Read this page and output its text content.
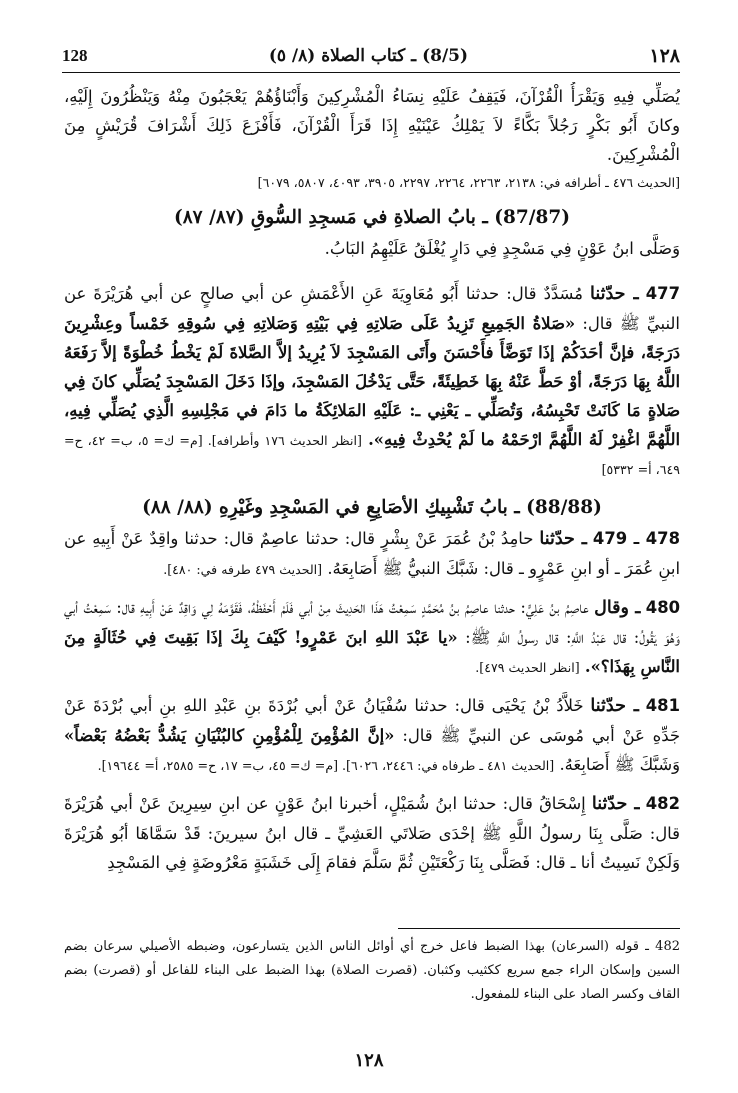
128	(8/5) ـ كتاب الصلاة (٨/ ٥)	١٢٨

يُصَلِّي فِيهِ وَيَقْرَأُ الْقُرْآنَ، فَيَقِفُ عَلَيْهِ نِسَاءُ الْمُشْرِكِينَ وَأَبْنَاؤُهُمْ يَعْجَبُونَ مِنْهُ وَيَنْظُرُونَ إِلَيْهِ، وكانَ أَبُو بَكْرٍ رَجُلاً بَكَّاءً لاَ يَمْلِكُ عَيْنَيْهِ إِذَا قَرَأَ الْقُرْآنَ، فَأَفْزَعَ ذَلِكَ أَشْرَافَ قُرَيْشٍ مِنَ الْمُشْرِكِينَ.

[الحديث ٤٧٦ ـ أطرافه في: ٢١٣٨، ٢٢٦٣، ٢٢٦٤، ٢٢٩٧، ٣٩٠٥، ٤٠٩٣، ٥٨٠٧، ٦٠٧٩]

(87/87) ـ بابُ الصلاةِ في مَسجِدِ السُّوقِ (٨٧/ ٨٧)

وَصَلَّى ابنُ عَوْنٍ فِي مَسْجِدٍ فِي دَارٍ يُغْلَقُ عَلَيْهِمُ البَابُ.

477 ـ حدّثنا مُسَدَّدٌ قال: حدثنا أَبُو مُعَاوِيَةَ عَنِ الأَعْمَشِ عن أبي صالحٍ عن أبي هُرَيْرَةَ عن النبيِّ ﷺ قال: «صَلاةُ الجَمِيعِ تَزِيدُ عَلَى صَلاتِهِ فِي بَيْتِهِ وَصَلاتِهِ فِي سُوقِهِ خَمْساً وعِشْرِينَ دَرَجَةً، فإنَّ أحَدَكُمْ إذَا تَوَضَّأَ فأَحْسَنَ وأَتَى المَسْجِدَ لاَ يُرِيدُ إلاَّ الصَّلاةَ لَمْ يَخْطُ خُطْوَةً إلاَّ رَفَعَهُ اللَّهُ بِهَا دَرَجَةً، أوْ حَطَّ عَنْهُ بِهَا خَطِيئَةً، حَتَّى يَدْخُلَ المَسْجِدَ، وإذَا دَخَلَ المَسْجِدَ يُصَلِّي كانَ فِي صَلاةٍ مَا كَانَتْ تَحْبِسُهُ، وَتُصَلِّي ـ يَعْنِي ـ: عَلَيْهِ المَلائِكَةُ ما دَامَ في مَجْلِسِهِ الَّذِي يُصَلِّي فِيهِ، اللَّهُمَّ اغْفِرْ لَهُ اللَّهُمَّ ارْحَمْهُ ما لَمْ يُحْدِثْ فِيهِ». [انظر الحديث ١٧٦ وأطرافه]. [م= ك= ٥، ب= ٤٢، ح= ٦٤٩، أ= ٥٣٣٢]

(88/88) ـ بابُ تَشْبِيكِ الأصَابِعِ في المَسْجِدِ وغَيْرِهِ (٨٨/ ٨٨)

478 ـ 479 ـ حدّثنا حامِدُ بْنُ عُمَرَ عَنْ بِشْرٍ قال: حدثنا عاصِمٌ قال: حدثنا واقِدٌ عَنْ أَبِيهِ عن ابنِ عُمَرَ ـ أو ابنِ عَمْرٍو ـ قال: شَبَّكَ النبيُّ ﷺ أَصَابِعَهُ. [الحديث ٤٧٩ طرفه في: ٤٨٠].

480 ـ وقال عاصِمُ بنُ عَلِيٍّ: حدثنا عاصِمُ بنُ مُحَمَّدٍ سَمِعْتُ هَذَا الحَدِيثَ مِنْ أبي فَلَمْ أَحْفَظْهُ، فَقَوَّمَهُ لِي وَاقِدٌ عَنْ أَبِيهِ قال: سَمِعْتُ أبي وَهُوَ يَقُولُ: قال عَبْدُ اللَّهِ: قال رسولُ اللَّهِ ﷺ: «يا عَبْدَ اللهِ ابنَ عَمْرٍو! كَيْفَ بِكَ إذَا بَقِيتَ فِي حُثَالَةٍ مِنَ النَّاسِ بِهَذَا؟». [انظر الحديث ٤٧٩].

481 ـ حدّثنا خَلاَّدُ بْنُ يَحْيَى قال: حدثنا سُفْيَانُ عَنْ أبي بُرْدَةَ بنِ عَبْدِ اللهِ بنِ أبي بُرْدَةَ عَنْ جَدِّهِ عَنْ أبي مُوسَى عن النبيِّ ﷺ قال: «إنَّ المُؤْمِنَ لِلْمُؤْمِنِ كالبُنْيَانِ يَشُدُّ بَعْضُهُ بَعْضاً» وَشَبَّكَ ﷺ أَصَابِعَهُ. [الحديث ٤٨١ ـ طرفاه في: ٢٤٤٦، ٦٠٢٦]. [م= ك= ٤٥، ب= ١٧، ح= ٢٥٨٥، أ= ١٩٦٤٤].

482 ـ حدّثنا إِسْحَاقُ قال: حدثنا ابنُ شُمَيْلٍ، أخبرنا ابنُ عَوْنٍ عن ابنِ سِيرِينَ عَنْ أبي هُرَيْرَةَ قال: صَلَّى بِنَا رسولُ اللَّهِ ﷺ إحْدَى صَلاتَي العَشِيِّ ـ قال ابنُ سيرينَ: قَدْ سَمَّاهَا أبُو هُرَيْرَةَ وَلَكِنْ نَسِيتُ أنا ـ قال: فَصَلَّى بِنَا رَكْعَتَيْنِ ثُمَّ سَلَّمَ فقامَ إِلَى خَشَبَةٍ مَعْرُوضَةٍ فِي المَسْجِدِ

482 ـ قوله (السرعان) بهذا الضبط فاعل خرج أي أوائل الناس الذين يتسارعون، وضبطه الأصيلي سرعان بضم السين وإسكان الراء جمع سريع ككثيب وكثبان. (قصرت الصلاة) بهذا الضبط على البناء للفاعل أو (قصرت) بضم القاف وكسر الصاد على البناء للمفعول.
١٢٨
